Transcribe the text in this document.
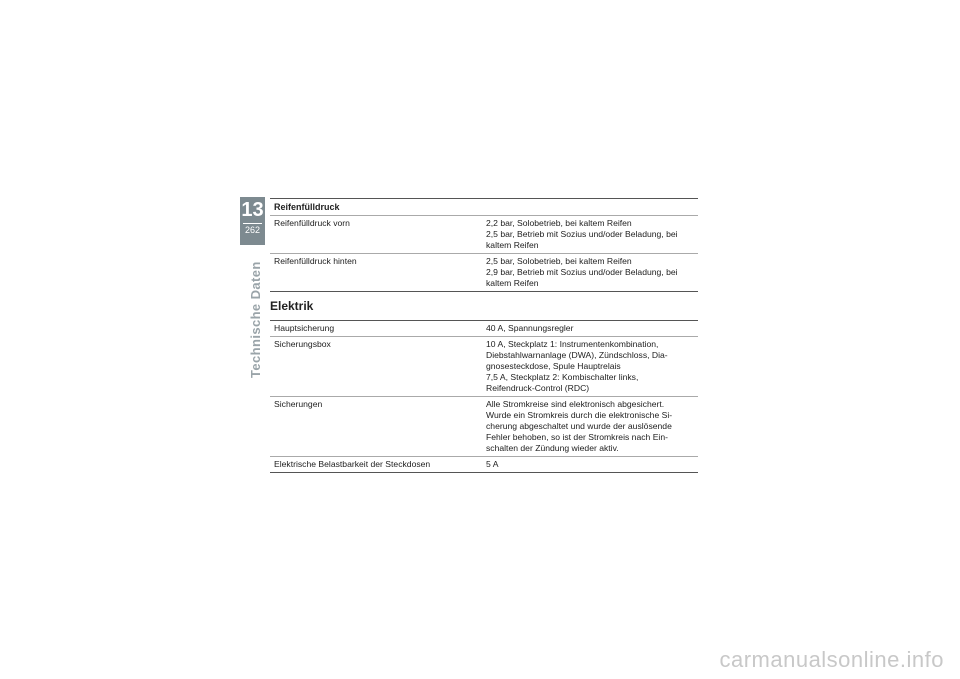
13
262
Technische Daten
Reifenfülldruck
Reifenfülldruck vorn	2,2 bar, Solobetrieb, bei kaltem Reifen
2,5 bar, Betrieb mit Sozius und/oder Beladung, bei
kaltem Reifen
Reifenfülldruck hinten	2,5 bar, Solobetrieb, bei kaltem Reifen
2,9 bar, Betrieb mit Sozius und/oder Beladung, bei
kaltem Reifen
Elektrik
Hauptsicherung	40 A, Spannungsregler
Sicherungsbox	10 A, Steckplatz 1: Instrumentenkombination,
Diebstahlwarnanlage (DWA), Zündschloss, Dia-
gnosesteckdose, Spule Hauptrelais
7,5 A, Steckplatz 2: Kombischalter links,
Reifendruck-Control (RDC)
Sicherungen	Alle Stromkreise sind elektronisch abgesichert.
Wurde ein Stromkreis durch die elektronische Si-
cherung abgeschaltet und wurde der auslösende
Fehler behoben, so ist der Stromkreis nach Ein-
schalten der Zündung wieder aktiv.
Elektrische Belastbarkeit der Steckdosen	5 A
carmanualsonline.info
